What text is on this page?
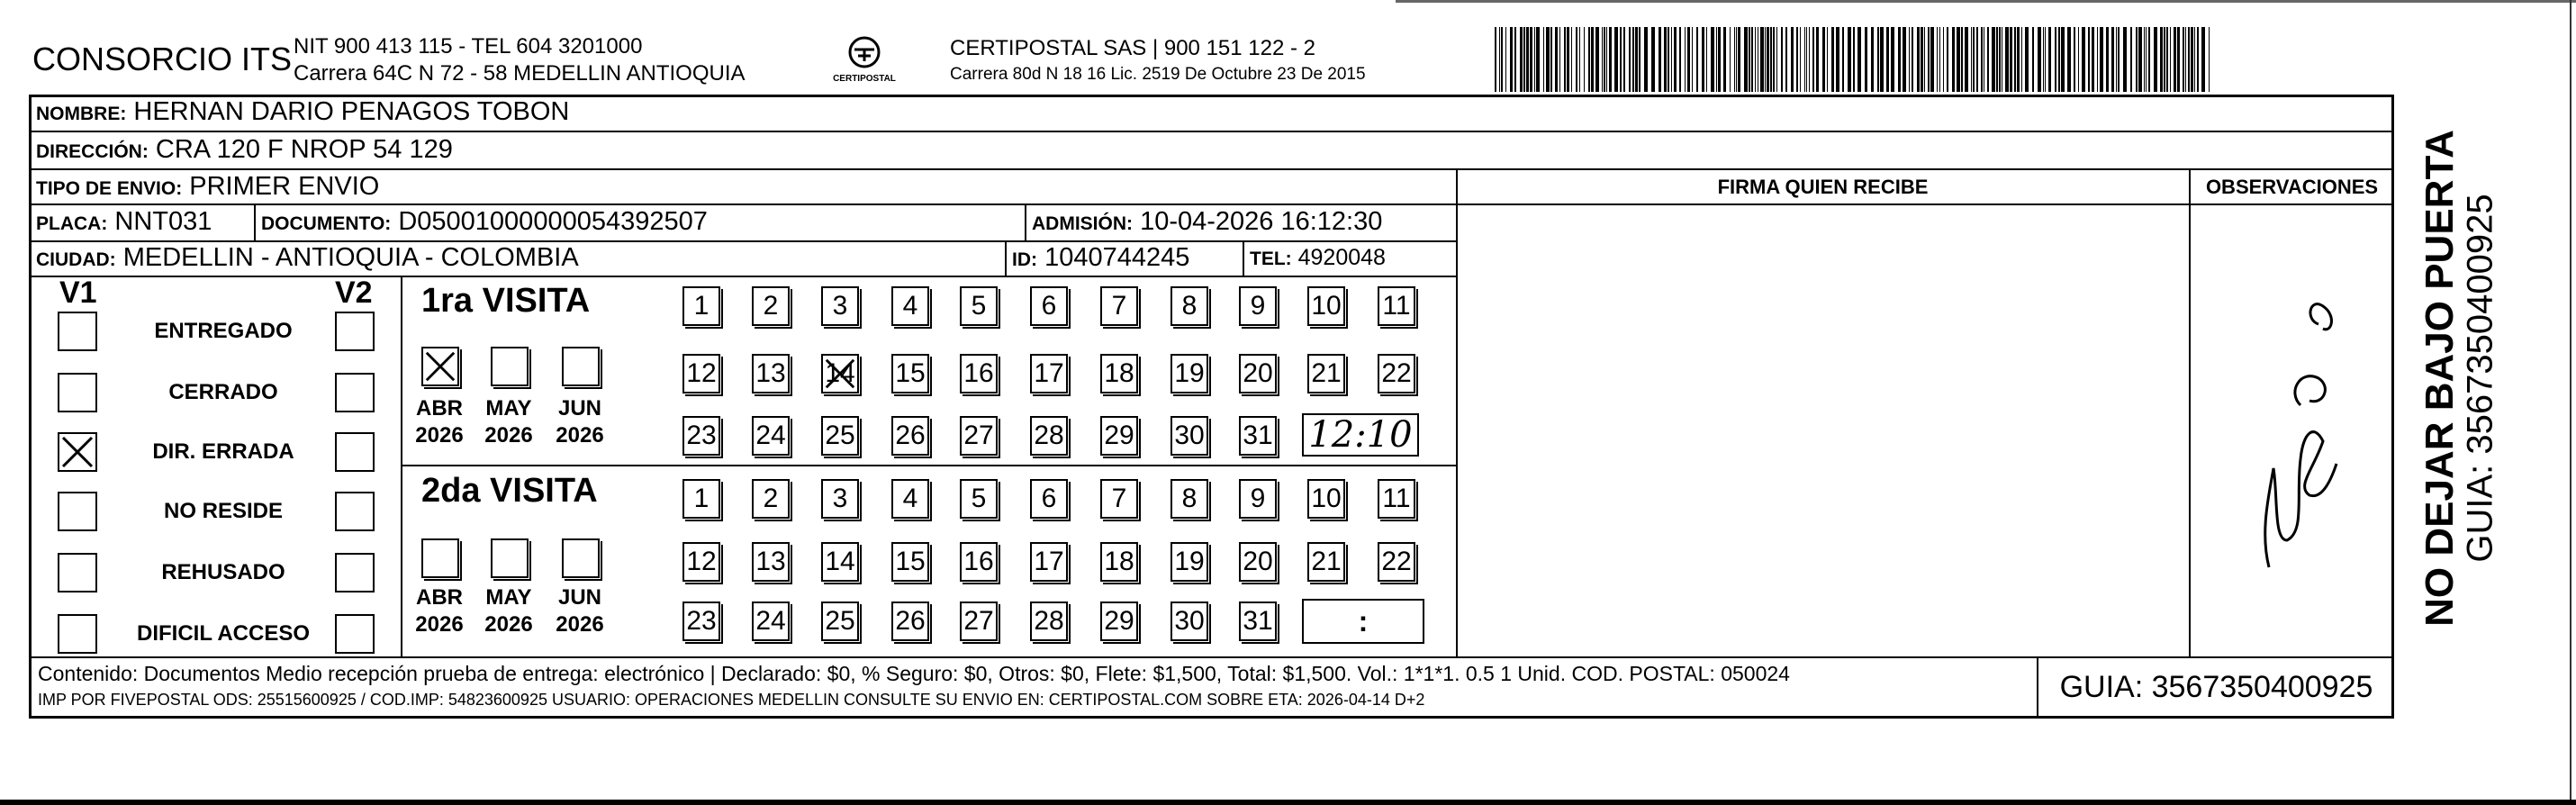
CONSORCIO ITS NIT 900 413 115 - TEL 604 3201000
Carrera 64C N 72 - 58 MEDELLIN ANTIOQUIA	CERTIPOSTAL
CERTIPOSTAL SAS | 900 151 122 - 2
Carrera 80d N 18 16 Lic. 2519 De Octubre 23 De 2015
FIRMA QUIEN RECIBE	OBSERVACIONES
NOMBRE: HERNAN DARIO PENAGOS TOBON
DIRECCIÓN: CRA 120 F NROP 54 129
TIPO DE ENVIO: PRIMER ENVIO
PLACA: NNT031	DOCUMENTO: D05001000000054392507	ADMISIÓN: 10-04-2026 16:12:30
CIUDAD: MEDELLIN - ANTIOQUIA - COLOMBIA	ID: 1040744245	TEL: 4920048
V1	V2
ENTREGADO
CERRADO
DIR. ERRADA
NO RESIDE
REHUSADO
DIFICIL ACCESO
1ra VISITA
2da VISITA
ABR
2026
MAY
2026
JUN
2026
ABR
2026
MAY
2026
JUN
2026
1	2	3	4	5	6	7	8	9	10 11
12 13 14 15 16 17 18 19 20 21 22
23 24 25 26 27 28 29 30 31
1	2	3	4	5	6	7	8	9	10 11
12 13 14 15 16 17 18 19 20 21 22
23 24 25 26 27 28 29 30 31
12:10
:
Contenido: Documentos Medio recepción prueba de entrega: electrónico | Declarado: $0, % Seguro: $0, Otros: $0, Flete: $1,500, Total: $1,500. Vol.: 1*1*1. 0.5 1 Unid. COD. POSTAL: 050024
IMP POR FIVEPOSTAL ODS: 25515600925 / COD.IMP: 54823600925 USUARIO: OPERACIONES MEDELLIN CONSULTE SU ENVIO EN: CERTIPOSTAL.COM SOBRE ETA: 2026-04-14 D+2	GUIA: 3567350400925
NO DEJAR BAJO PUERTA
GUIA: 3567350400925
